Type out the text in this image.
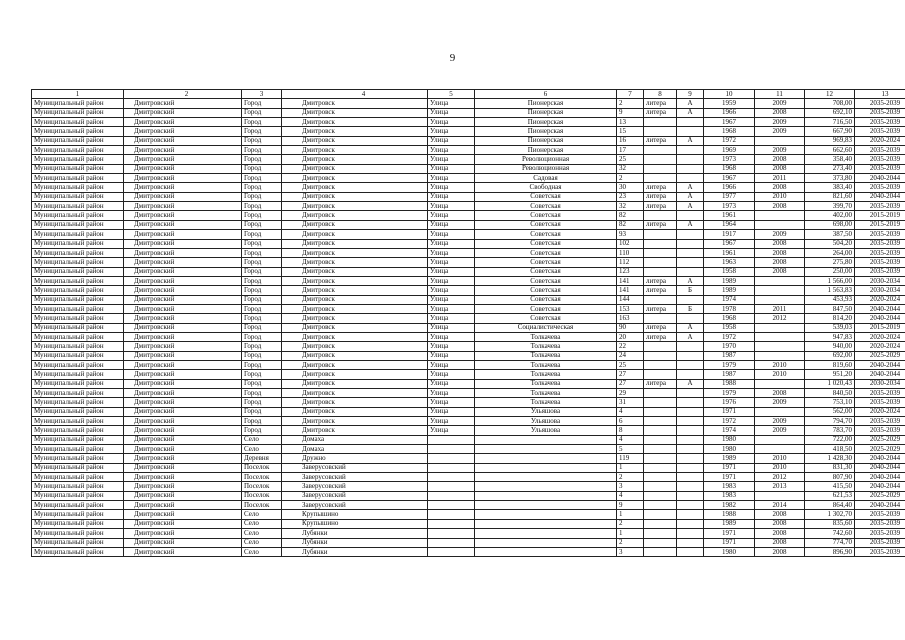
9
1	2	3	4	5	6	7	8	9	10	11	12	13
Муниципальный район	Дмитровский	Город	Дмитровск	Улица	Пионерская	2	литера	А	1959	2009	708,00	2035-2039
Муниципальный район	Дмитровский	Город	Дмитровск	Улица	Пионерская	9	литера	А	1966	2008	692,10	2035-2039
Муниципальный район	Дмитровский	Город	Дмитровск	Улица	Пионерская	13			1967	2009	716,50	2035-2039
Муниципальный район	Дмитровский	Город	Дмитровск	Улица	Пионерская	15			1968	2009	667,90	2035-2039
Муниципальный район	Дмитровский	Город	Дмитровск	Улица	Пионерская	16	литера	А	1972		969,83	2020-2024
Муниципальный район	Дмитровский	Город	Дмитровск	Улица	Пионерская	17			1969	2009	662,60	2035-2039
Муниципальный район	Дмитровский	Город	Дмитровск	Улица	Революционная	25			1973	2008	358,40	2035-2039
Муниципальный район	Дмитровский	Город	Дмитровск	Улица	Революционная	32			1968	2008	273,40	2035-2039
Муниципальный район	Дмитровский	Город	Дмитровск	Улица	Садовая	2			1967	2011	373,80	2040-2044
Муниципальный район	Дмитровский	Город	Дмитровск	Улица	Свободная	30	литера	А	1966	2008	383,40	2035-2039
Муниципальный район	Дмитровский	Город	Дмитровск	Улица	Советская	23	литера	А	1977	2010	821,60	2040-2044
Муниципальный район	Дмитровский	Город	Дмитровск	Улица	Советская	32	литера	А	1973	2008	399,70	2035-2039
Муниципальный район	Дмитровский	Город	Дмитровск	Улица	Советская	82			1961		402,00	2015-2019
Муниципальный район	Дмитровский	Город	Дмитровск	Улица	Советская	82	литера	А	1964		698,00	2015-2019
Муниципальный район	Дмитровский	Город	Дмитровск	Улица	Советская	93			1917	2009	387,50	2035-2039
Муниципальный район	Дмитровский	Город	Дмитровск	Улица	Советская	102			1967	2008	504,20	2035-2039
Муниципальный район	Дмитровский	Город	Дмитровск	Улица	Советская	110			1961	2008	264,00	2035-2039
Муниципальный район	Дмитровский	Город	Дмитровск	Улица	Советская	112			1963	2008	275,80	2035-2039
Муниципальный район	Дмитровский	Город	Дмитровск	Улица	Советская	123			1958	2008	250,00	2035-2039
Муниципальный район	Дмитровский	Город	Дмитровск	Улица	Советская	141	литера	А	1989		1 566,00	2030-2034
Муниципальный район	Дмитровский	Город	Дмитровск	Улица	Советская	141	литера	Б	1989		1 563,83	2030-2034
Муниципальный район	Дмитровский	Город	Дмитровск	Улица	Советская	144			1974		453,93	2020-2024
Муниципальный район	Дмитровский	Город	Дмитровск	Улица	Советская	153	литера	Б	1978	2011	847,50	2040-2044
Муниципальный район	Дмитровский	Город	Дмитровск	Улица	Советская	163			1968	2012	814,20	2040-2044
Муниципальный район	Дмитровский	Город	Дмитровск	Улица	Социалистическая	90	литера	А	1958		539,03	2015-2019
Муниципальный район	Дмитровский	Город	Дмитровск	Улица	Толкачева	20	литера	А	1972		947,83	2020-2024
Муниципальный район	Дмитровский	Город	Дмитровск	Улица	Толкачева	22			1970		940,00	2020-2024
Муниципальный район	Дмитровский	Город	Дмитровск	Улица	Толкачева	24			1987		692,00	2025-2029
Муниципальный район	Дмитровский	Город	Дмитровск	Улица	Толкачева	25			1979	2010	819,60	2040-2044
Муниципальный район	Дмитровский	Город	Дмитровск	Улица	Толкачева	27			1987	2010	951,20	2040-2044
Муниципальный район	Дмитровский	Город	Дмитровск	Улица	Толкачева	27	литера	А	1988		1 020,43	2030-2034
Муниципальный район	Дмитровский	Город	Дмитровск	Улица	Толкачева	29			1979	2008	840,50	2035-2039
Муниципальный район	Дмитровский	Город	Дмитровск	Улица	Толкачева	31			1976	2009	753,10	2035-2039
Муниципальный район	Дмитровский	Город	Дмитровск	Улица	Ульяшова	4			1971		562,00	2020-2024
Муниципальный район	Дмитровский	Город	Дмитровск	Улица	Ульяшова	6			1972	2009	794,70	2035-2039
Муниципальный район	Дмитровский	Город	Дмитровск	Улица	Ульяшова	8			1974	2009	783,70	2035-2039
Муниципальный район	Дмитровский	Село	Домаха			4			1980		722,00	2025-2029
Муниципальный район	Дмитровский	Село	Домаха			5			1980		418,50	2025-2029
Муниципальный район	Дмитровский	Деревня	Дружно			119			1989	2010	1 428,30	2040-2044
Муниципальный район	Дмитровский	Поселок	Заверусовский			1			1971	2010	831,30	2040-2044
Муниципальный район	Дмитровский	Поселок	Заверусовский			2			1971	2012	807,90	2040-2044
Муниципальный район	Дмитровский	Поселок	Заверусовский			3			1983	2013	415,50	2040-2044
Муниципальный район	Дмитровский	Поселок	Заверусовский			4			1983		621,53	2025-2029
Муниципальный район	Дмитровский	Поселок	Заверусовский			9			1982	2014	864,40	2040-2044
Муниципальный район	Дмитровский	Село	Крупышино			1			1988	2008	1 302,70	2035-2039
Муниципальный район	Дмитровский	Село	Крупышино			2			1989	2008	835,60	2035-2039
Муниципальный район	Дмитровский	Село	Лубянки			1			1971	2008	742,60	2035-2039
Муниципальный район	Дмитровский	Село	Лубянки			2			1971	2008	774,70	2035-2039
Муниципальный район	Дмитровский	Село	Лубянки			3			1980	2008	896,90	2035-2039
